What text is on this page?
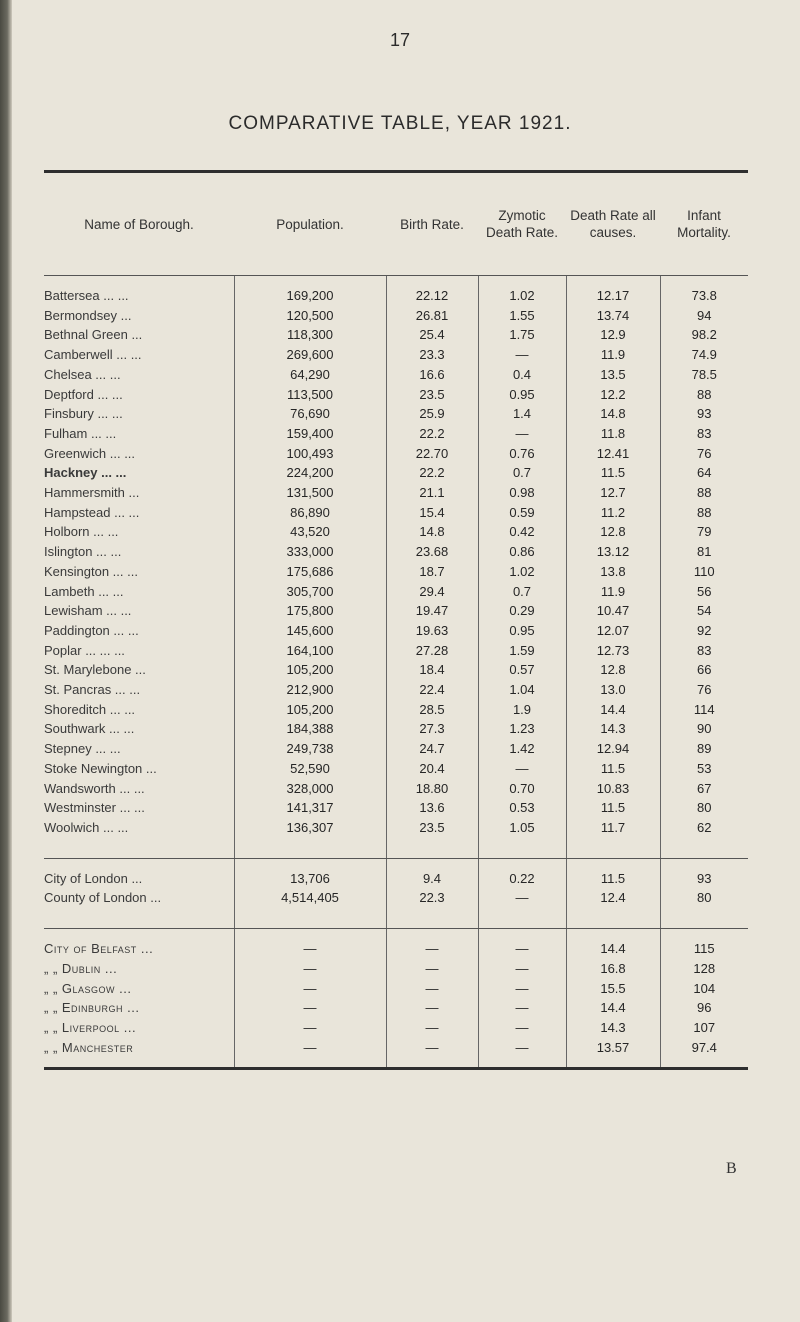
17
COMPARATIVE TABLE, YEAR 1921.
Name of Borough.	Population.	Birth Rate.	Zymotic Death Rate.	Death Rate all causes.	Infant Mortality.

Battersea ... ...	169,200	22.12	1.02	12.17	73.8
Bermondsey ...	120,500	26.81	1.55	13.74	94
Bethnal Green ...	118,300	25.4	1.75	12.9	98.2
Camberwell ... ...	269,600	23.3	—	11.9	74.9
Chelsea ... ...	64,290	16.6	0.4	13.5	78.5
Deptford ... ...	113,500	23.5	0.95	12.2	88
Finsbury ... ...	76,690	25.9	1.4	14.8	93
Fulham ... ...	159,400	22.2	—	11.8	83
Greenwich ... ...	100,493	22.70	0.76	12.41	76
Hackney ... ...	224,200	22.2	0.7	11.5	64
Hammersmith ...	131,500	21.1	0.98	12.7	88
Hampstead ... ...	86,890	15.4	0.59	11.2	88
Holborn ... ...	43,520	14.8	0.42	12.8	79
Islington ... ...	333,000	23.68	0.86	13.12	81
Kensington ... ...	175,686	18.7	1.02	13.8	110
Lambeth ... ...	305,700	29.4	0.7	11.9	56
Lewisham ... ...	175,800	19.47	0.29	10.47	54
Paddington ... ...	145,600	19.63	0.95	12.07	92
Poplar ... ... ...	164,100	27.28	1.59	12.73	83
St. Marylebone ...	105,200	18.4	0.57	12.8	66
St. Pancras ... ...	212,900	22.4	1.04	13.0	76
Shoreditch ... ...	105,200	28.5	1.9	14.4	114
Southwark ... ...	184,388	27.3	1.23	14.3	90
Stepney ... ...	249,738	24.7	1.42	12.94	89
Stoke Newington ...	52,590	20.4	—	11.5	53
Wandsworth ... ...	328,000	18.80	0.70	10.83	67
Westminster ... ...	141,317	13.6	0.53	11.5	80
Woolwich ... ...	136,307	23.5	1.05	11.7	62

City of London ...	13,706	9.4	0.22	11.5	93
County of London ...	4,514,405	22.3	—	12.4	80

City of Belfast ...	—	—	—	14.4	115
„ „ Dublin ...	—	—	—	16.8	128
„ „ Glasgow ...	—	—	—	15.5	104
„ „ Edinburgh ...	—	—	—	14.4	96
„ „ Liverpool ...	—	—	—	14.3	107
„ „ Manchester	—	—	—	13.57	97.4

B
